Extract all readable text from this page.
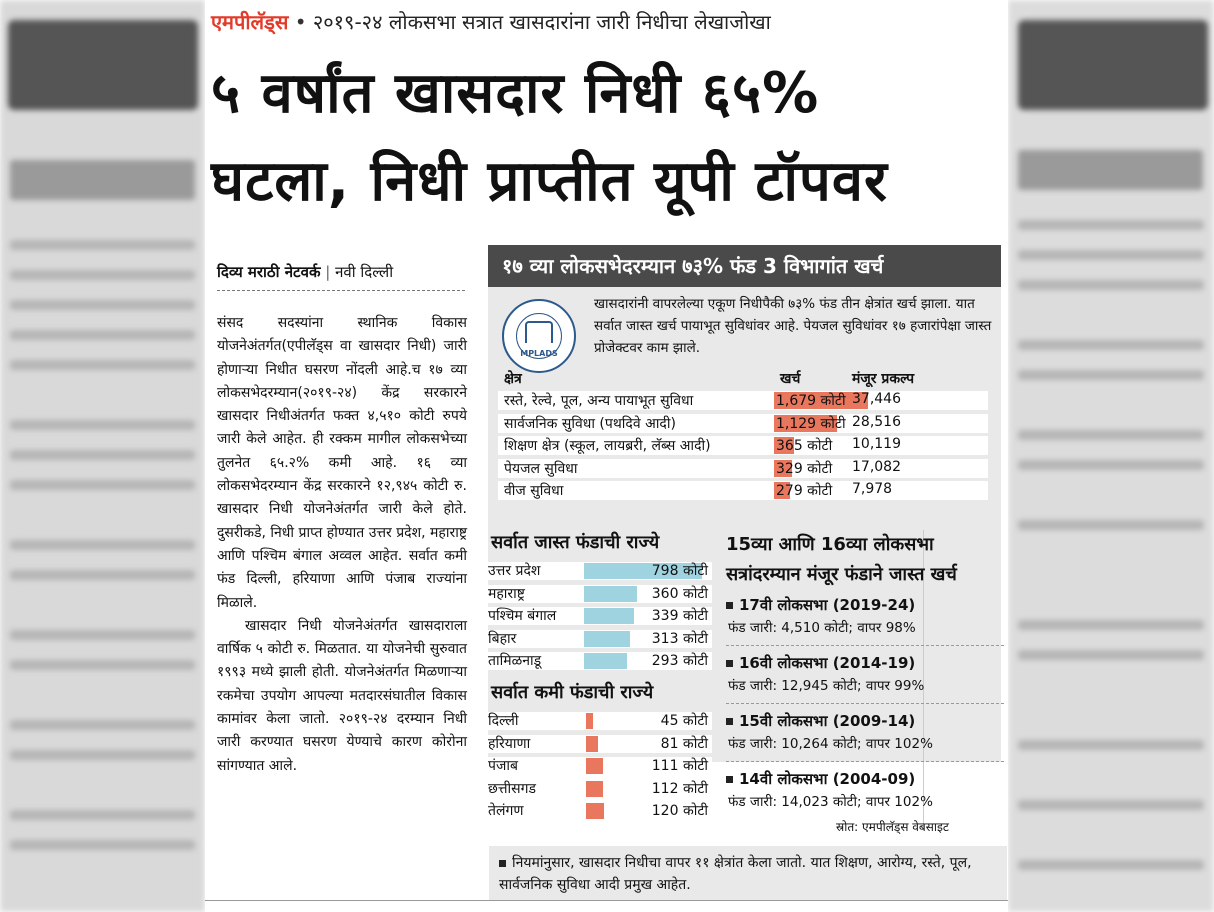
एमपीलॅड्स • २०१९-२४ लोकसभा सत्रात खासदारांना जारी निधीचा लेखाजोखा
५ वर्षांत खासदार निधी ६५%
घटला, निधी प्राप्तीत यूपी टॉपवर
दिव्य मराठी नेटवर्क | नवी दिल्ली

संसद सदस्यांना स्थानिक विकास योजनेअंतर्गत(एपीलॅड्स वा खासदार निधी) जारी होणाऱ्या निधीत घसरण नोंदली आहे.च १७ व्या लोकसभेदरम्यान(२०१९-२४) केंद्र सरकारने खासदार निधीअंतर्गत फक्त ४,५१० कोटी रुपये जारी केले आहेत. ही रक्कम मागील लोकसभेच्या तुलनेत ६५.२% कमी आहे. १६ व्या लोकसभेदरम्यान केंद्र सरकारने १२,९४५ कोटी रु. खासदार निधी योजनेअंतर्गत जारी केले होते. दुसरीकडे, निधी प्राप्त होण्यात उत्तर प्रदेश, महाराष्ट्र आणि पश्चिम बंगाल अव्वल आहेत. सर्वात कमी फंड दिल्ली, हरियाणा आणि पंजाब राज्यांना मिळाले.

खासदार निधी योजनेअंतर्गत खासदाराला वार्षिक ५ कोटी रु. मिळतात. या योजनेची सुरुवात १९९३ मध्ये झाली होती. योजनेअंतर्गत मिळणाऱ्या रकमेचा उपयोग आपल्या मतदारसंघातील विकास कामांवर केला जातो. २०१९-२४ दरम्यान निधी जारी करण्यात घसरण येण्याचे कारण कोरोना सांगण्यात आले.

१७ व्या लोकसभेदरम्यान ७३% फंड 3 विभागांत खर्च
MPLADS
खासदारांनी वापरलेल्या एकूण निधीपैकी ७३% फंड तीन क्षेत्रांत खर्च झाला. यात सर्वात जास्त खर्च पायाभूत सुविधांवर आहे. पेयजल सुविधांवर १७ हजारांपेक्षा जास्त प्रोजेक्टवर काम झाले.
क्षेत्र	खर्च	मंजूर प्रकल्प
रस्ते, रेल्वे, पूल, अन्य पायाभूत सुविधा	1,679 कोटी 37,446
सार्वजनिक सुविधा (पथदिवे आदी)	1,129 कोटी 28,516
शिक्षण क्षेत्र (स्कूल, लायब्ररी, लॅब्स आदी)	365 कोटी 10,119
पेयजल सुविधा	329 कोटी 17,082
वीज सुविधा	279 कोटी 7,978
सर्वात जास्त फंडाची राज्ये
उत्तर प्रदेश	798 कोटी
महाराष्ट्र	360 कोटी
पश्चिम बंगाल	339 कोटी
बिहार	313 कोटी
तामिळनाडू	293 कोटी
सर्वात कमी फंडाची राज्ये
दिल्ली	45 कोटी
हरियाणा	81 कोटी
पंजाब	111 कोटी
छत्तीसगड	112 कोटी
तेलंगण	120 कोटी
15व्या आणि 16व्या लोकसभा
सत्रांदरम्यान मंजूर फंडाने जास्त खर्च
17वी लोकसभा (2019-24)
फंड जारी: 4,510 कोटी; वापर 98%
16वी लोकसभा (2014-19)
फंड जारी: 12,945 कोटी; वापर 99%
15वी लोकसभा (2009-14)
फंड जारी: 10,264 कोटी; वापर 102%
14वी लोकसभा (2004-09)
फंड जारी: 14,023 कोटी; वापर 102%
स्रोत: एमपीलॅड्स वेबसाइट
नियमांनुसार, खासदार निधीचा वापर ११ क्षेत्रांत केला जातो. यात शिक्षण, आरोग्य, रस्ते, पूल, सार्वजनिक सुविधा आदी प्रमुख आहेत.
